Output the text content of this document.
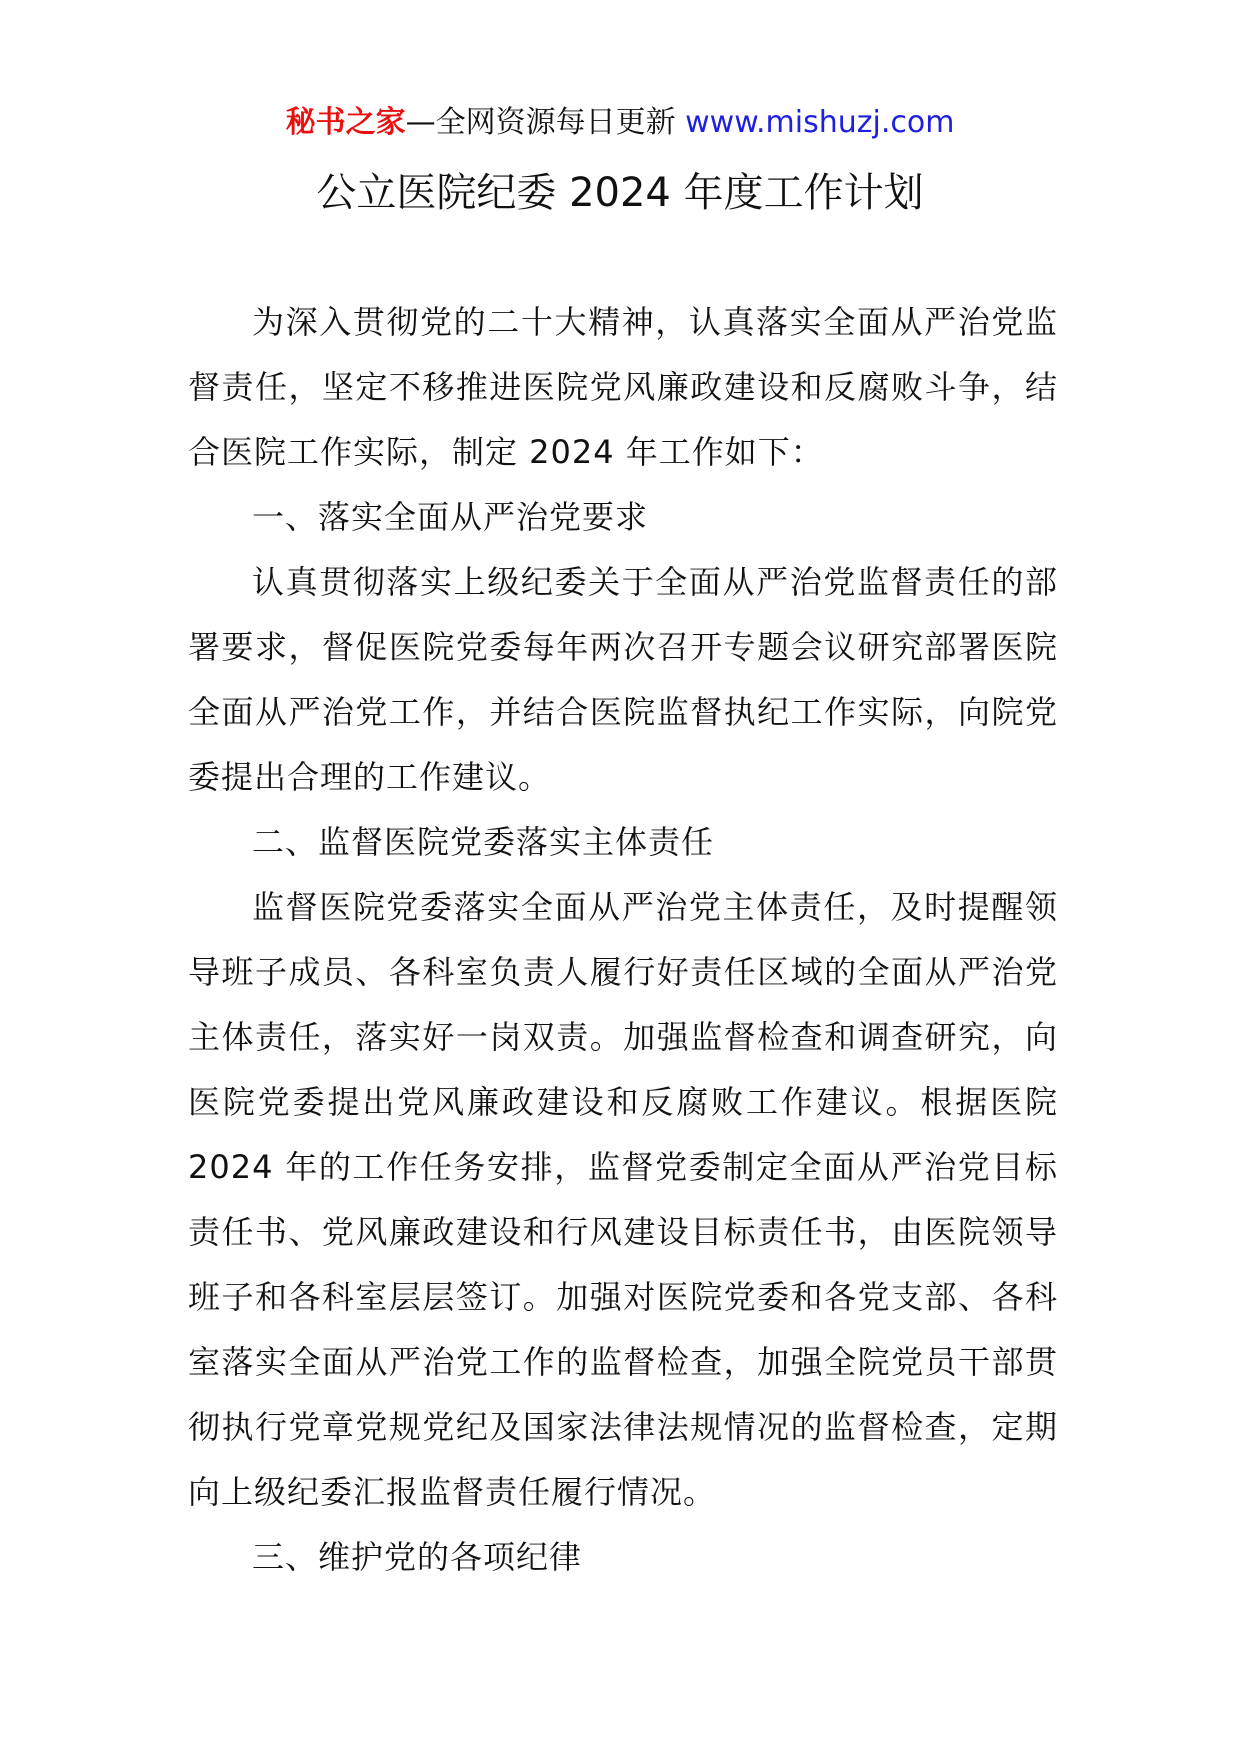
秘书之家—全网资源每日更新 www.mishuzj.com
公立医院纪委 2024 年度工作计划

为深入贯彻党的二十大精神，认真落实全面从严治党监督责任，坚定不移推进医院党风廉政建设和反腐败斗争，结合医院工作实际，制定 2024 年工作如下：

一、落实全面从严治党要求

认真贯彻落实上级纪委关于全面从严治党监督责任的部署要求，督促医院党委每年两次召开专题会议研究部署医院全面从严治党工作，并结合医院监督执纪工作实际，向院党委提出合理的工作建议。

二、监督医院党委落实主体责任

监督医院党委落实全面从严治党主体责任，及时提醒领导班子成员、各科室负责人履行好责任区域的全面从严治党主体责任，落实好一岗双责。加强监督检查和调查研究，向医院党委提出党风廉政建设和反腐败工作建议。根据医院 2024 年的工作任务安排，监督党委制定全面从严治党目标责任书、党风廉政建设和行风建设目标责任书，由医院领导班子和各科室层层签订。加强对医院党委和各党支部、各科室落实全面从严治党工作的监督检查，加强全院党员干部贯彻执行党章党规党纪及国家法律法规情况的监督检查，定期向上级纪委汇报监督责任履行情况。

三、维护党的各项纪律
